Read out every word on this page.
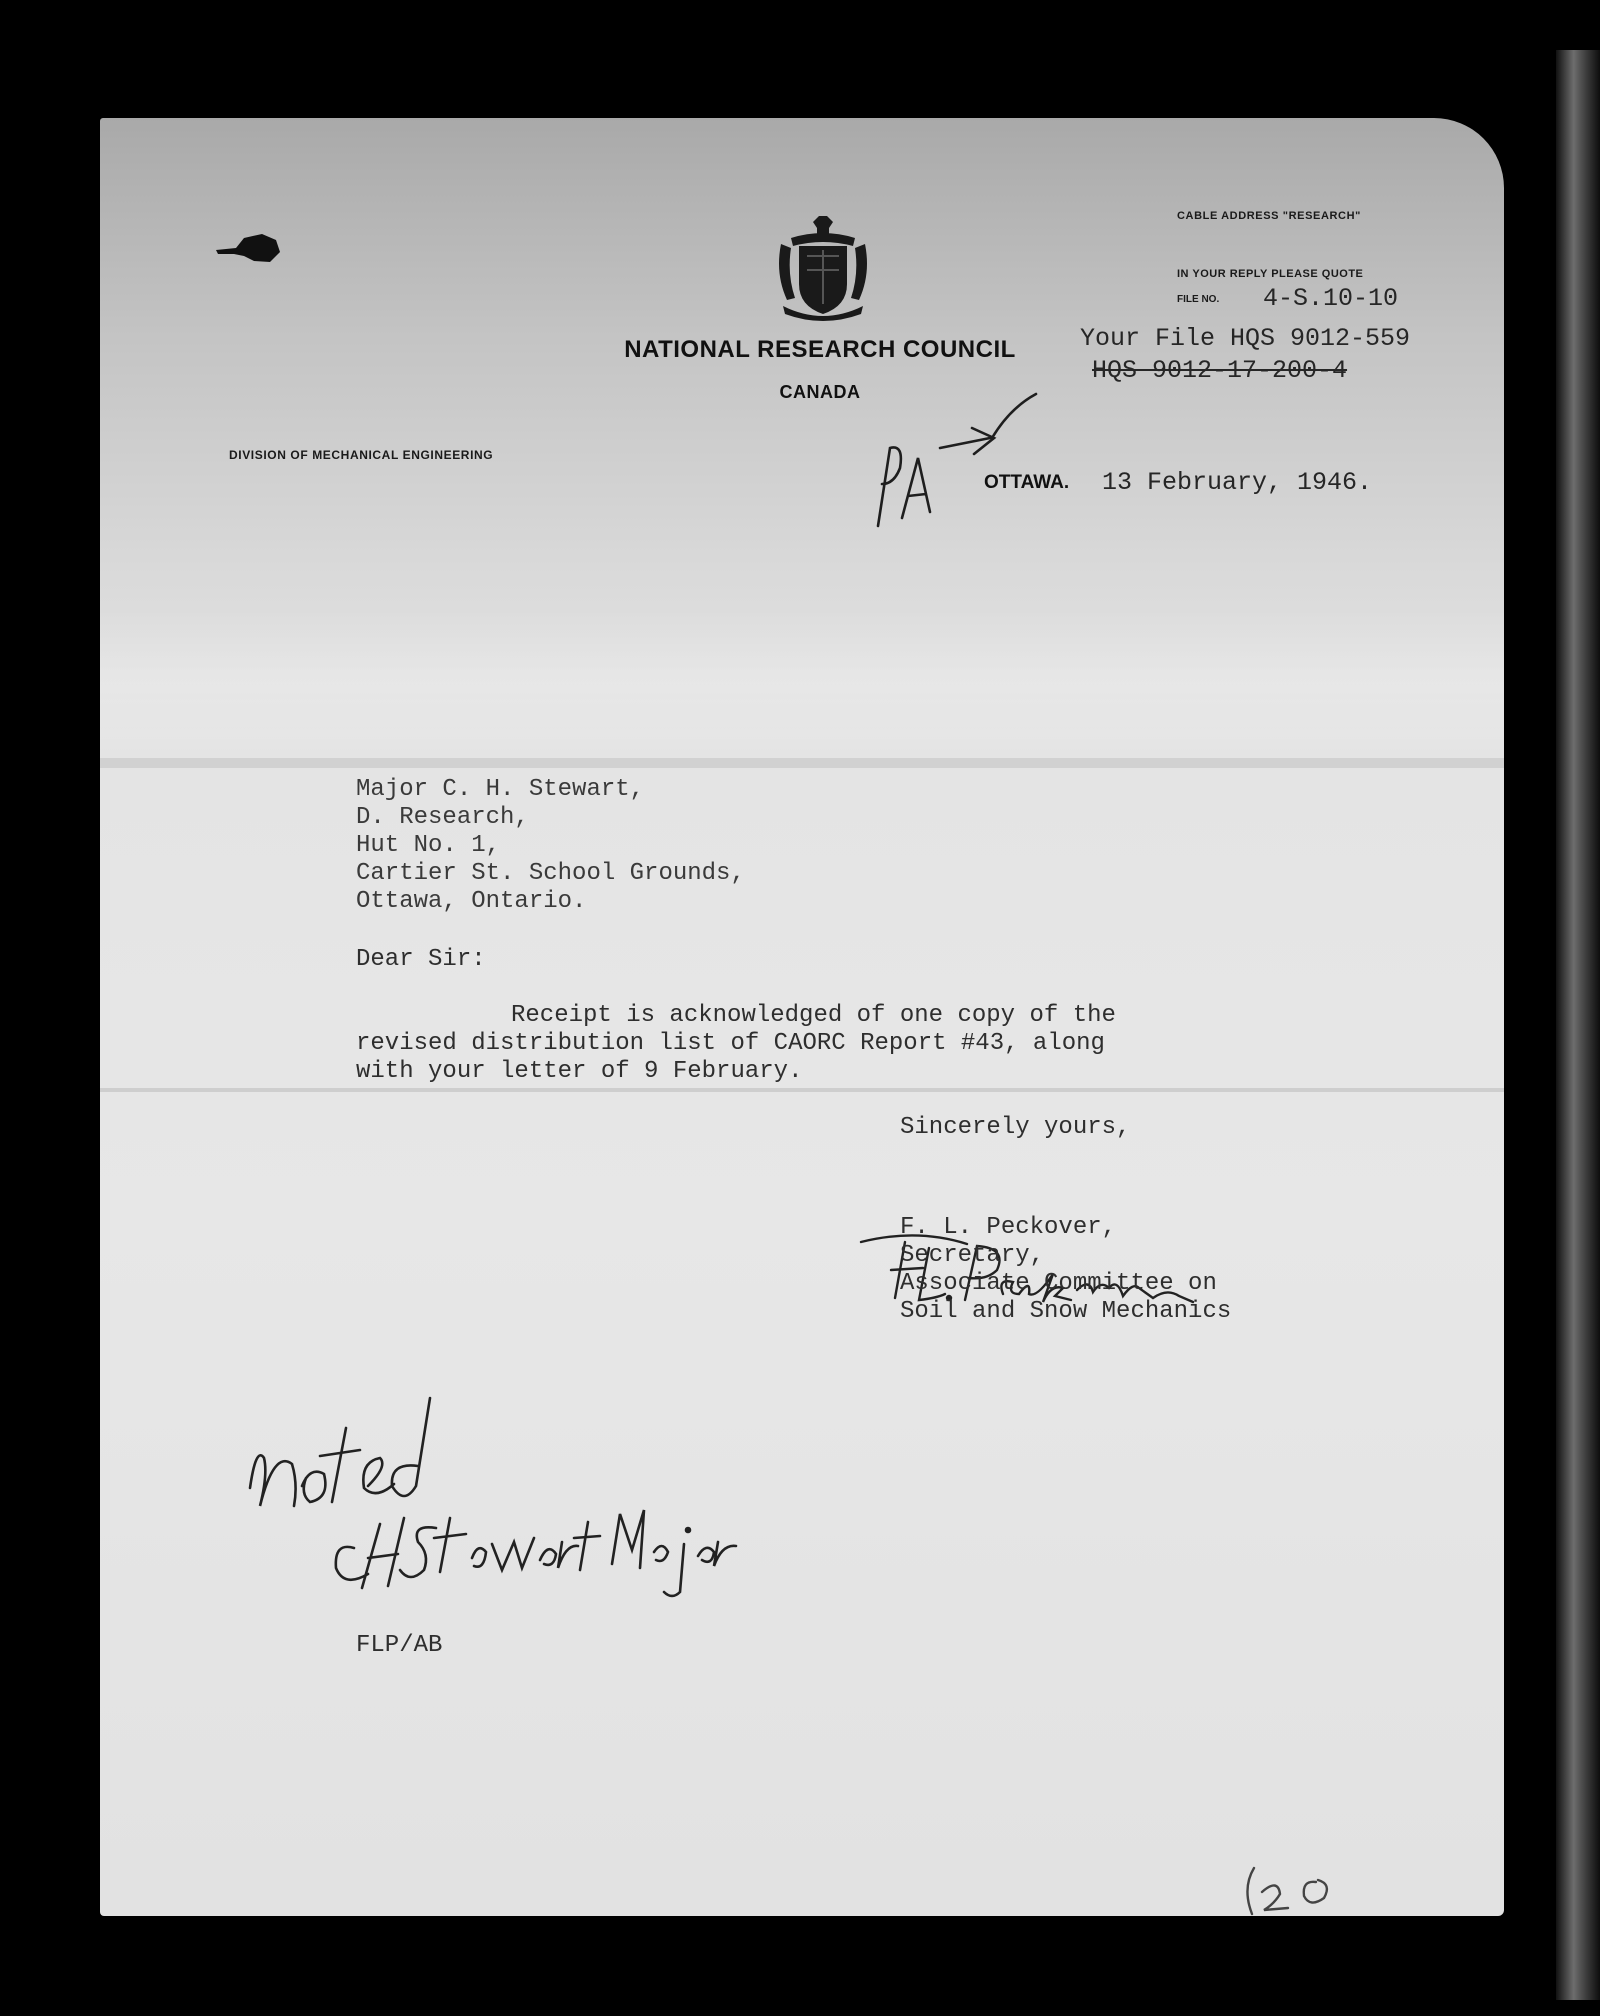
NATIONAL RESEARCH COUNCIL
CANADA
DIVISION OF MECHANICAL ENGINEERING
CABLE ADDRESS "RESEARCH"
IN YOUR REPLY PLEASE QUOTE
FILE NO. 4-S.10-10
Your File HQS 9012-559
HQS 9012-17-200-4
OTTAWA. 13 February, 1946.
Major C. H. Stewart,
D. Research,
Hut No. 1,
Cartier St. School Grounds,
Ottawa, Ontario.
Dear Sir:
Receipt is acknowledged of one copy of the
revised distribution list of CAORC Report #43, along
with your letter of 9 February.
Sincerely yours,
F. L. Peckover,
Secretary,
Associate Committee on
Soil and Snow Mechanics
FLP/AB
